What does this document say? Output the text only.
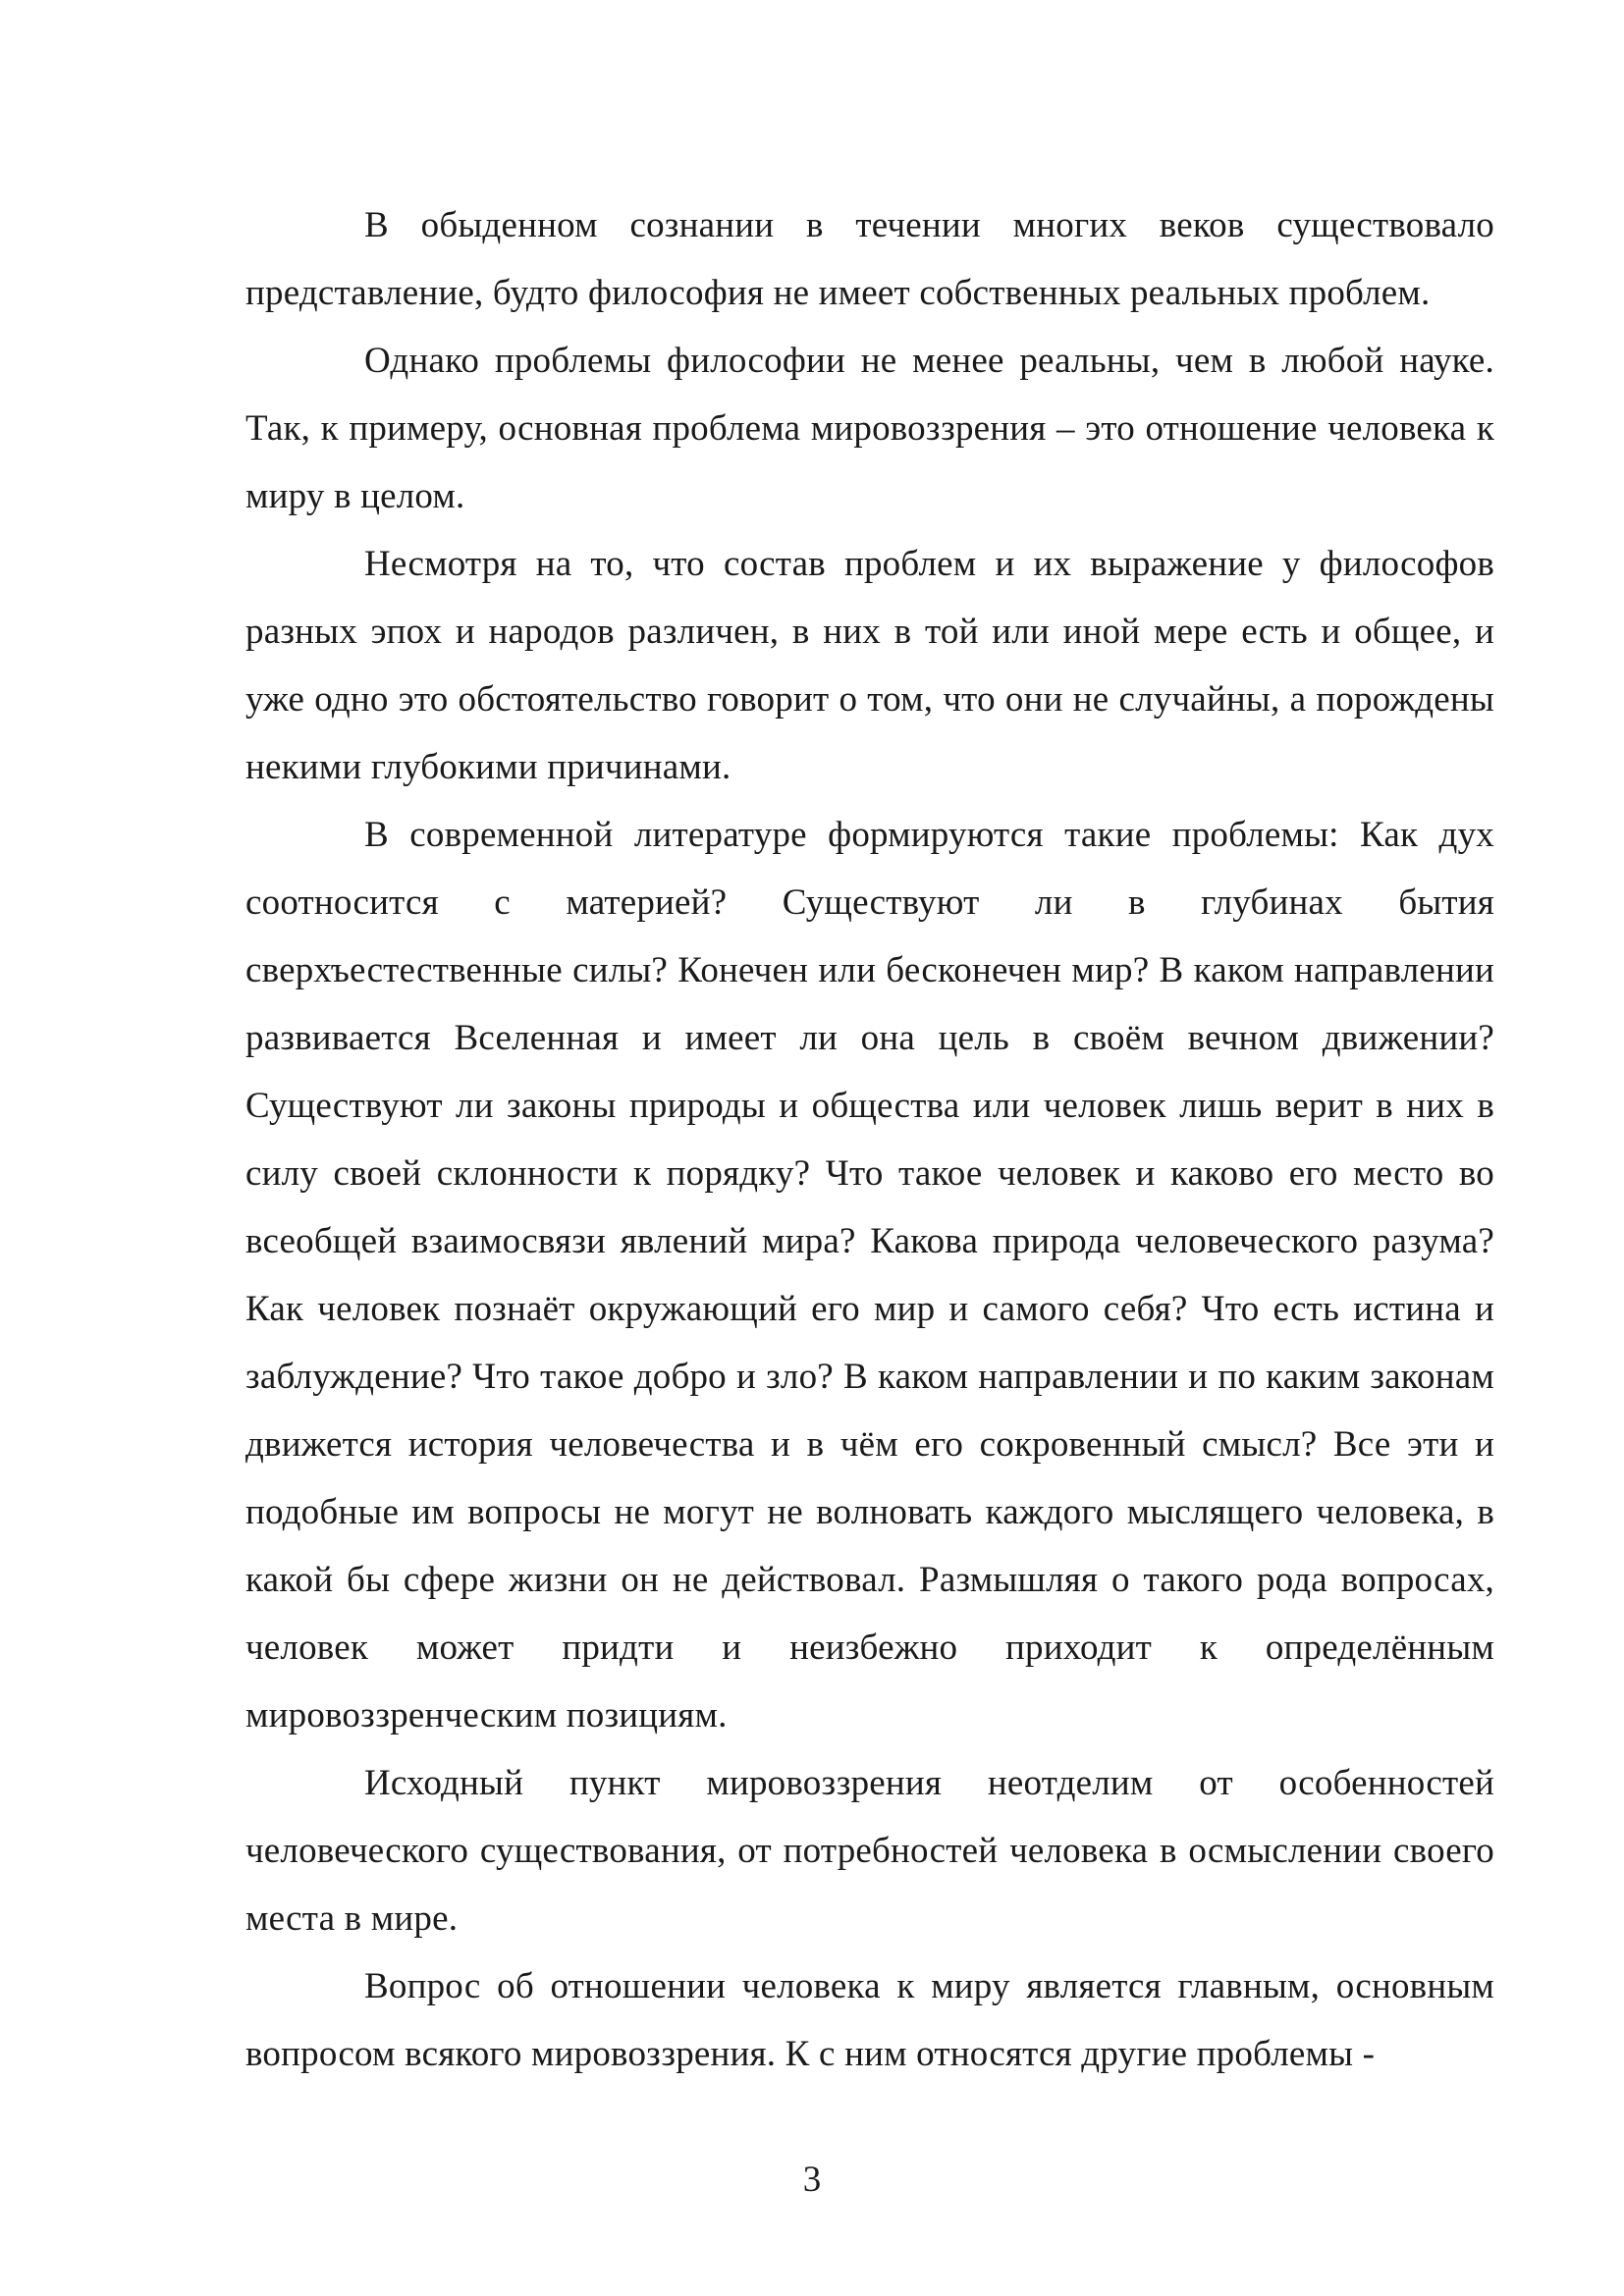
В обыденном сознании в течении многих веков существовало представление, будто философия не имеет собственных реальных проблем.

Однако проблемы философии не менее реальны, чем в любой науке. Так, к примеру, основная проблема мировоззрения – это отношение человека к миру в целом.

Несмотря на то, что состав проблем и их выражение у философов разных эпох и народов различен, в них в той или иной мере есть и общее, и уже одно это обстоятельство говорит о том, что они не случайны, а порождены некими глубокими причинами.

В современной литературе формируются такие проблемы: Как дух соотносится с материей? Существуют ли в глубинах бытия сверхъестественные силы? Конечен или бесконечен мир? В каком направлении развивается Вселенная и имеет ли она цель в своём вечном движении? Существуют ли законы природы и общества или человек лишь верит в них в силу своей склонности к порядку? Что такое человек и каково его место во всеобщей взаимосвязи явлений мира? Какова природа человеческого разума? Как человек познаёт окружающий его мир и самого себя? Что есть истина и заблуждение? Что такое добро и зло? В каком направлении и по каким законам движется история человечества и в чём его сокровенный смысл? Все эти и подобные им вопросы не могут не волновать каждого мыслящего человека, в какой бы сфере жизни он не действовал. Размышляя о такого рода вопросах, человек может придти и неизбежно приходит к определённым мировоззренческим позициям.

Исходный пункт мировоззрения неотделим от особенностей человеческого существования, от потребностей человека в осмыслении своего места в мире.

Вопрос об отношении человека к миру является главным, основным вопросом всякого мировоззрения. К с ним относятся другие проблемы -

3
